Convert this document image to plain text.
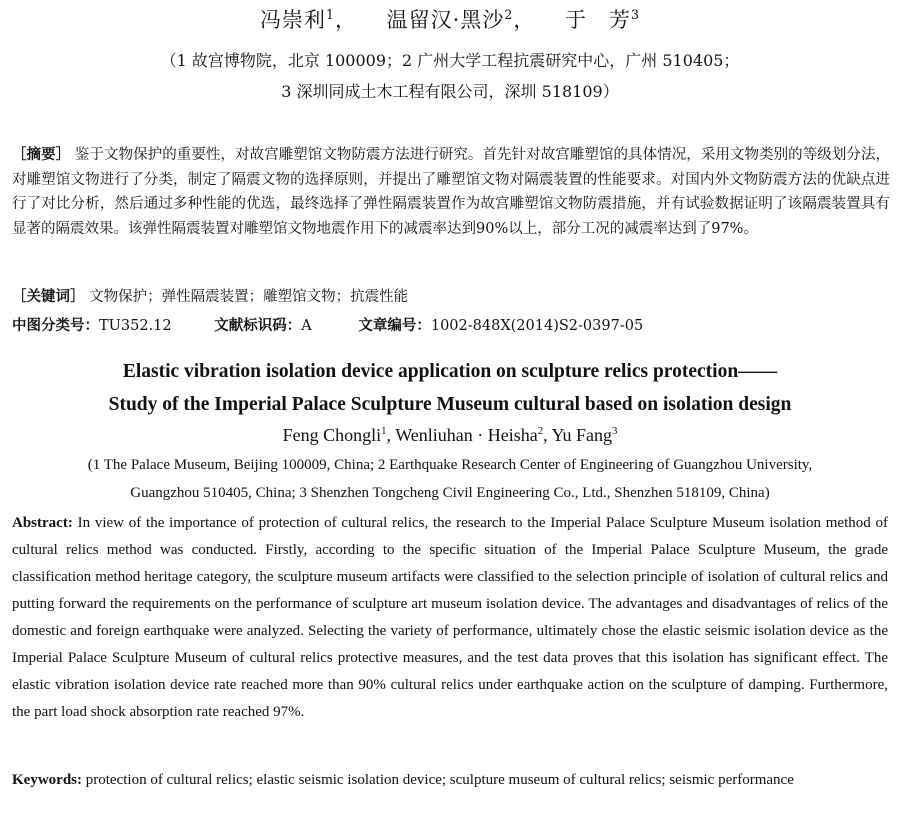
冯崇利$^1$， 温留汉·黑沙$^2$， 于　芳$^3$
（1 故宫博物院，北京 100009；2 广州大学工程抗震研究中心，广州 510405；
3 深圳同成土木工程有限公司，深圳 518109）
［摘要］ 鉴于文物保护的重要性，对故宫雕塑馆文物防震方法进行研究。首先针对故宫雕塑馆的具体情况，采用文物类别的等级划分法，对雕塑馆文物进行了分类，制定了隔震文物的选择原则，并提出了雕塑馆文物对隔震装置的性能要求。对国内外文物防震方法的优缺点进行了对比分析，然后通过多种性能的优选，最终选择了弹性隔震装置作为故宫雕塑馆文物防震措施，并有试验数据证明了该隔震装置具有显著的隔震效果。该弹性隔震装置对雕塑馆文物地震作用下的减震率达到90%以上，部分工况的减震率达到了97%。
［关键词］ 文物保护；弹性隔震装置；雕塑馆文物；抗震性能
中图分类号：TU352.12	文献标识码：A	文章编号：1002-848X(2014)S2-0397-05
Elastic vibration isolation device application on sculpture relics protection——
Study of the Imperial Palace Sculpture Museum cultural based on isolation design
Feng Chongli$^1$, Wenliuhan · Heisha$^2$, Yu Fang$^3$
(1 The Palace Museum, Beijing 100009, China; 2 Earthquake Research Center of Engineering of Guangzhou University,
Guangzhou 510405, China; 3 Shenzhen Tongcheng Civil Engineering Co., Ltd., Shenzhen 518109, China)
Abstract: In view of the importance of protection of cultural relics, the research to the Imperial Palace Sculpture Museum isolation method of cultural relics method was conducted. Firstly, according to the specific situation of the Imperial Palace Sculpture Museum, the grade classification method heritage category, the sculpture museum artifacts were classified to the selection principle of isolation of cultural relics and putting forward the requirements on the performance of sculpture art museum isolation device. The advantages and disadvantages of relics of the domestic and foreign earthquake were analyzed. Selecting the variety of performance, ultimately chose the elastic seismic isolation device as the Imperial Palace Sculpture Museum of cultural relics protective measures, and the test data proves that this isolation has significant effect. The elastic vibration isolation device rate reached more than 90% cultural relics under earthquake action on the sculpture of damping. Furthermore, the part load shock absorption rate reached 97%.
Keywords: protection of cultural relics; elastic seismic isolation device; sculpture museum of cultural relics; seismic performance
